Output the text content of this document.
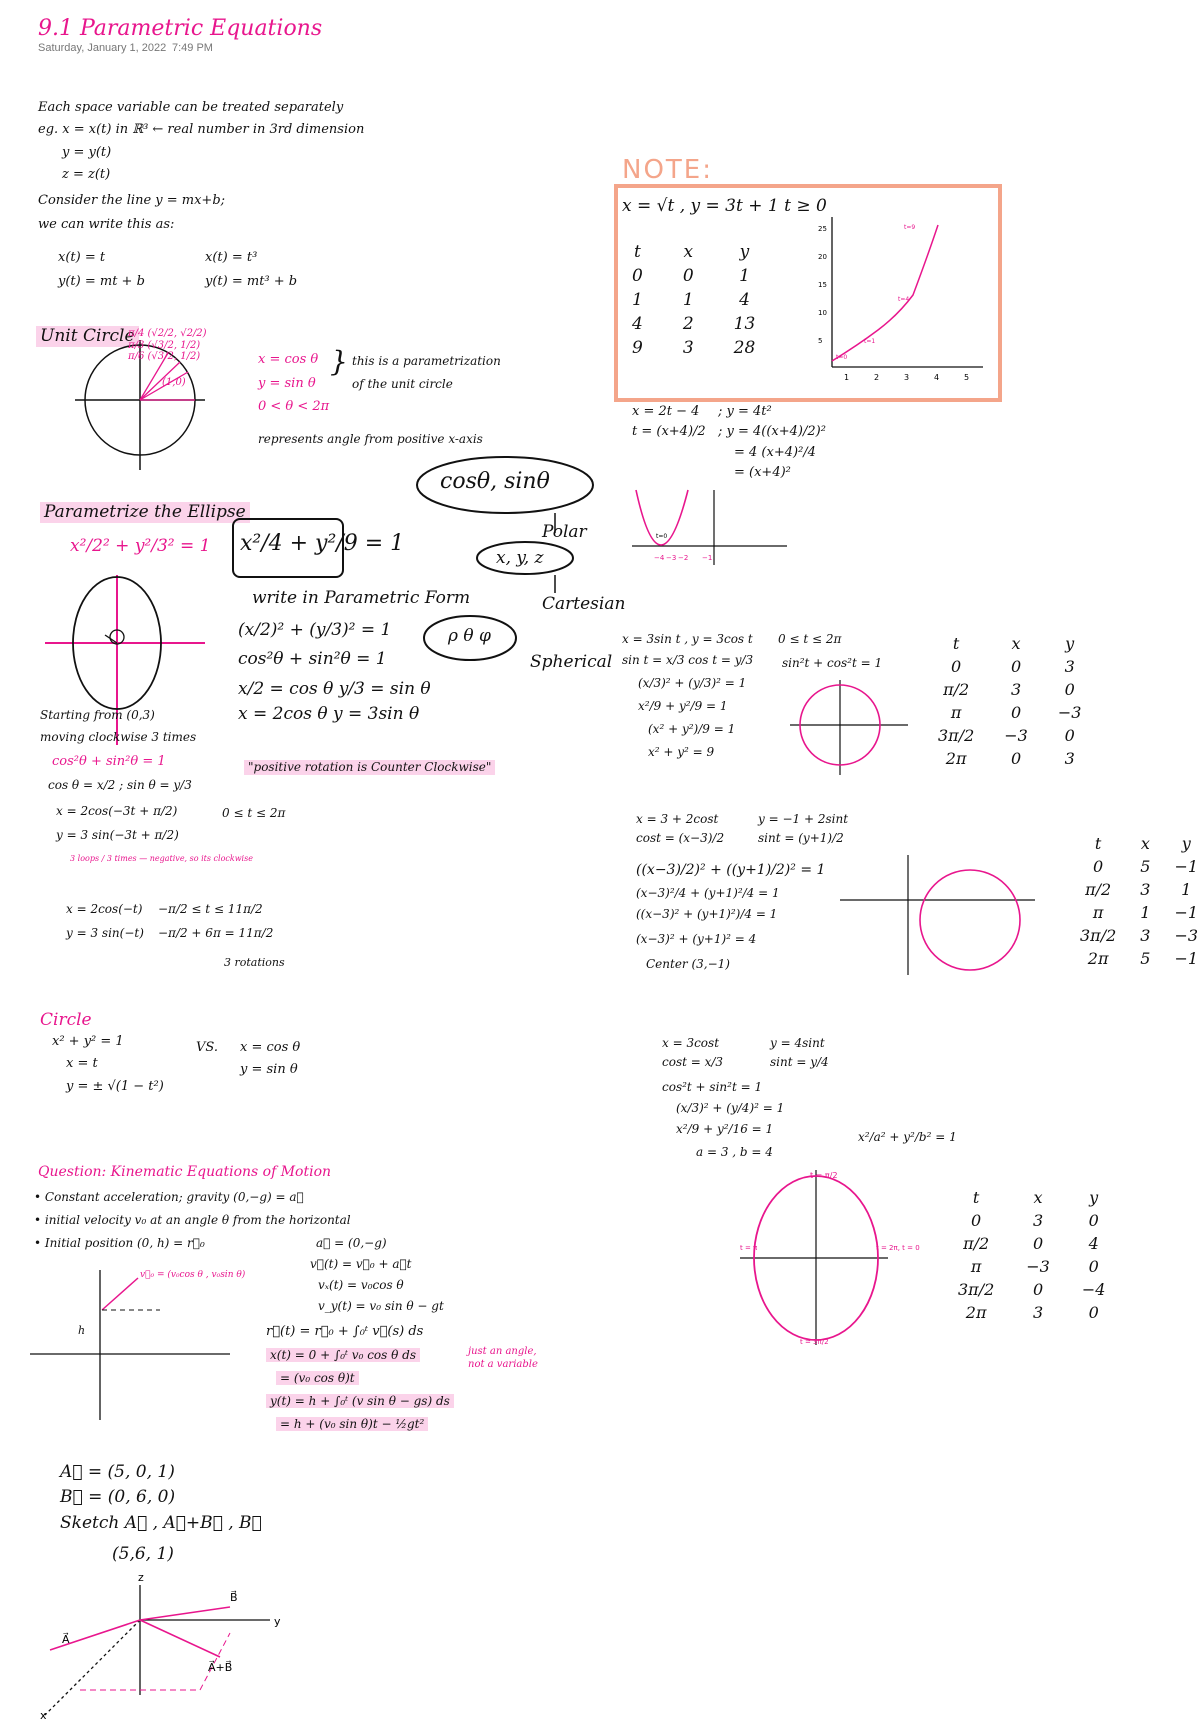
9.1 Parametric Equations
Saturday, January 1, 2022 7:49 PM
Each space variable can be treated separately
eg. x = x(t) in ℝ³ ← real number in 3rd dimension
y = y(t)
z = z(t)
Consider the line y = mx+b;
we can write this as:
x(t) = t
y(t) = mt + b
x(t) = t³
y(t) = mt³ + b
Unit Circle
π/4 (√2/2, √2/2)
π/3 (√3/2, 1/2)
π/6 (√3/2, 1/2)
(1,0)
x = cos θ
y = sin θ
0 < θ < 2π
} this is a parametrization
of the unit circle
represents angle from positive x-axis
cosθ, sinθ
Polar
x, y, z
Cartesian
ρ θ φ
Spherical
Parametrize the Ellipse
x²/2² + y²/3² = 1 x²/4 + y²/9 = 1
write in Parametric Form
(x/2)² + (y/3)² = 1
cos²θ + sin²θ = 1
x/2 = cos θ y/3 = sin θ
x = 2cos θ y = 3sin θ
"positive rotation is Counter Clockwise"
Starting from (0,3)
moving clockwise 3 times
cos²θ + sin²θ = 1
cos θ = x/2 ; sin θ = y/3
x = 2cos(−3t + π/2)
y = 3 sin(−3t + π/2)
3 loops / 3 times — negative, so its clockwise
0 ≤ t ≤ 2π
x = 2cos(−t)
y = 3 sin(−t)
−π/2 ≤ t ≤ 11π/2
−π/2 + 6π = 11π/2
3 rotations
NOTE:
x = √t , y = 3t + 1 t ≥ 0
t	x	y
0	0	1
1	1	4
4	2	13
9	3	28
1	2	3	4	5
5
10
15
20
25
t=0
t=1
t=4
t=9
x = 2t − 4
t = (x+4)/2
; y = 4t²
; y = 4((x+4)/2)²
= 4 (x+4)²/4
= (x+4)²
−4 −3 −2 −1
t=0
x = 3sin t , y = 3cos t
sin t = x/3 cos t = y/3
(x/3)² + (y/3)² = 1
x²/9 + y²/9 = 1
(x² + y²)/9 = 1
x² + y² = 9
0 ≤ t ≤ 2π
sin²t + cos²t = 1
t	x	y
0	0	3
π/2	3	0
π	0	−3
3π/2	−3	0
2π	0	3
x = 3 + 2cost
cost = (x−3)/2
((x−3)/2)² + ((y+1)/2)² = 1
(x−3)²/4 + (y+1)²/4 = 1
((x−3)² + (y+1)²)/4 = 1
(x−3)² + (y+1)² = 4
Center (3,−1)
y = −1 + 2sint
sint = (y+1)/2	t	x	y
0	5	−1
π/2	3	1
π	1	−1
3π/2	3	−3
2π	5	−1
Circle
x² + y² = 1
x = t
y = ± √(1 − t²)
VS. x = cos θ
y = sin θ
x = 3cost
cost = x/3
cos²t + sin²t = 1
(x/3)² + (y/4)² = 1
x²/9 + y²/16 = 1
a = 3 , b = 4
y = 4sint
sint = y/4
x²/a² + y²/b² = 1
t = π/2
t = 2π, t = 0
t = π
t = 3π/2
t	x	y
0	3	0
π/2	0	4
π	−3	0
3π/2	0	−4
2π	3	0
Question: Kinematic Equations of Motion
• Constant acceleration; gravity (0,−g) = a⃗
• initial velocity v₀ at an angle θ from the horizontal
• Initial position (0, h) = r⃗₀
v⃗₀ = (v₀cos θ , v₀sin θ)
h
a⃗ = (0,−g)
v⃗(t) = v⃗₀ + a⃗t
vₓ(t) = v₀cos θ
v_y(t) = v₀ sin θ − gt
r⃗(t) = r⃗₀ + ∫₀ᵗ v⃗(s) ds
x(t) = 0 + ∫₀ᵗ v₀ cos θ ds
= (v₀ cos θ)t
y(t) = h + ∫₀ᵗ (v sin θ − gs) ds
= h + (v₀ sin θ)t − ½gt²
just an angle, not a variable
A⃗ = (5, 0, 1)
B⃗ = (0, 6, 0)
Sketch A⃗ , A⃗+B⃗ , B⃗
(5,6, 1)
z
y
x
A⃗
B⃗
A⃗+B⃗
